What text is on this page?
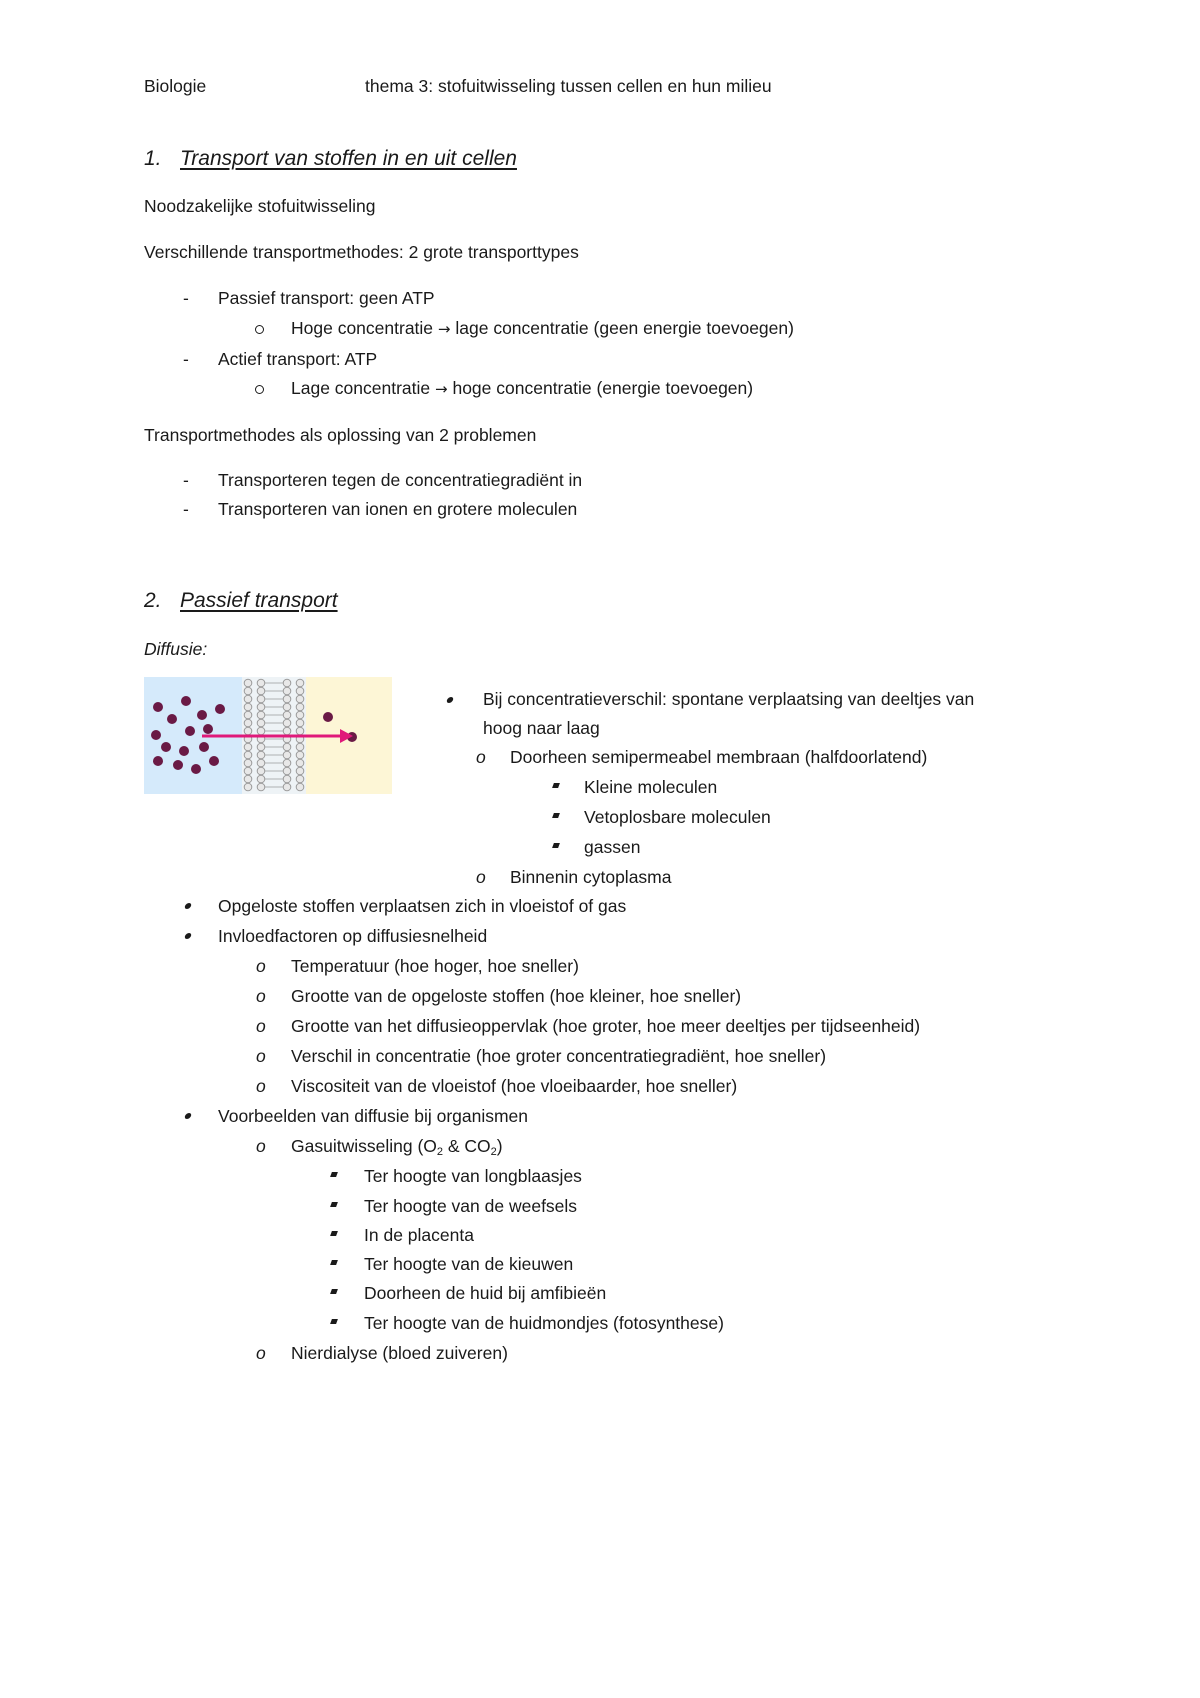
Biologie	thema 3: stofuitwisseling tussen cellen en hun milieu
1. Transport van stoffen in en uit cellen
Noodzakelijke stofuitwisseling
Verschillende transportmethodes: 2 grote transporttypes
- Passief transport: geen ATP
Hoge concentratie → lage concentratie (geen energie toevoegen)
- Actief transport: ATP
Lage concentratie → hoge concentratie (energie toevoegen)
Transportmethodes als oplossing van 2 problemen
- Transporteren tegen de concentratiegradiënt in
- Transporteren van ionen en grotere moleculen
2. Passief transport
Diffusie:
Bij concentratieverschil: spontane verplaatsing van deeltjes van
hoog naar laag
o Doorheen semipermeabel membraan (halfdoorlatend)
Kleine moleculen
Vetoplosbare moleculen
gassen
o Binnenin cytoplasma
Opgeloste stoffen verplaatsen zich in vloeistof of gas
Invloedfactoren op diffusiesnelheid
o Temperatuur (hoe hoger, hoe sneller)
o Grootte van de opgeloste stoffen (hoe kleiner, hoe sneller)
o Grootte van het diffusieoppervlak (hoe groter, hoe meer deeltjes per tijdseenheid)
o Verschil in concentratie (hoe groter concentratiegradiënt, hoe sneller)
o Viscositeit van de vloeistof (hoe vloeibaarder, hoe sneller)
Voorbeelden van diffusie bij organismen
o Gasuitwisseling ($O_2$ & $CO_2$)
Ter hoogte van longblaasjes
Ter hoogte van de weefsels
In de placenta
Ter hoogte van de kieuwen
Doorheen de huid bij amfibieën
Ter hoogte van de huidmondjes (fotosynthese)
o Nierdialyse (bloed zuiveren)
